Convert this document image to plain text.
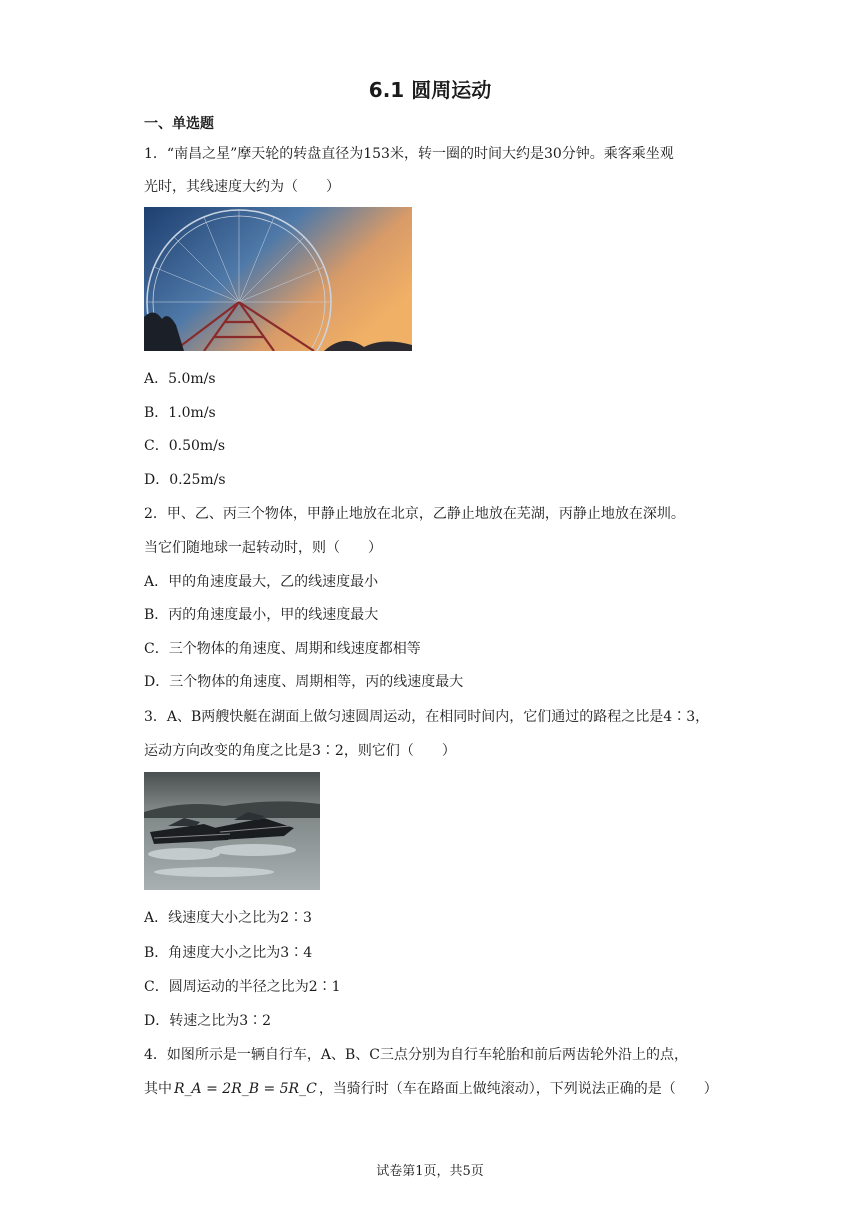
6.1 圆周运动
一、单选题
1．“南昌之星”摩天轮的转盘直径为153米，转一圈的时间大约是30分钟。乘客乘坐观
光时，其线速度大约为（　　）
A．5.0m/s
B．1.0m/s
C．0.50m/s
D．0.25m/s
2．甲、乙、丙三个物体，甲静止地放在北京，乙静止地放在芜湖，丙静止地放在深圳。
当它们随地球一起转动时，则（　　）
A．甲的角速度最大，乙的线速度最小
B．丙的角速度最小，甲的线速度最大
C．三个物体的角速度、周期和线速度都相等
D．三个物体的角速度、周期相等，丙的线速度最大
3．A、B两艘快艇在湖面上做匀速圆周运动，在相同时间内，它们通过的路程之比是4∶3，
运动方向改变的角度之比是3∶2，则它们（　　）
A．线速度大小之比为2∶3
B．角速度大小之比为3∶4
C．圆周运动的半径之比为2∶1
D．转速之比为3∶2
4．如图所示是一辆自行车，A、B、C三点分别为自行车轮胎和前后两齿轮外沿上的点，
其中 R_A = 2R_B = 5R_C ，当骑行时（车在路面上做纯滚动），下列说法正确的是（　　）
试卷第1页，共5页
